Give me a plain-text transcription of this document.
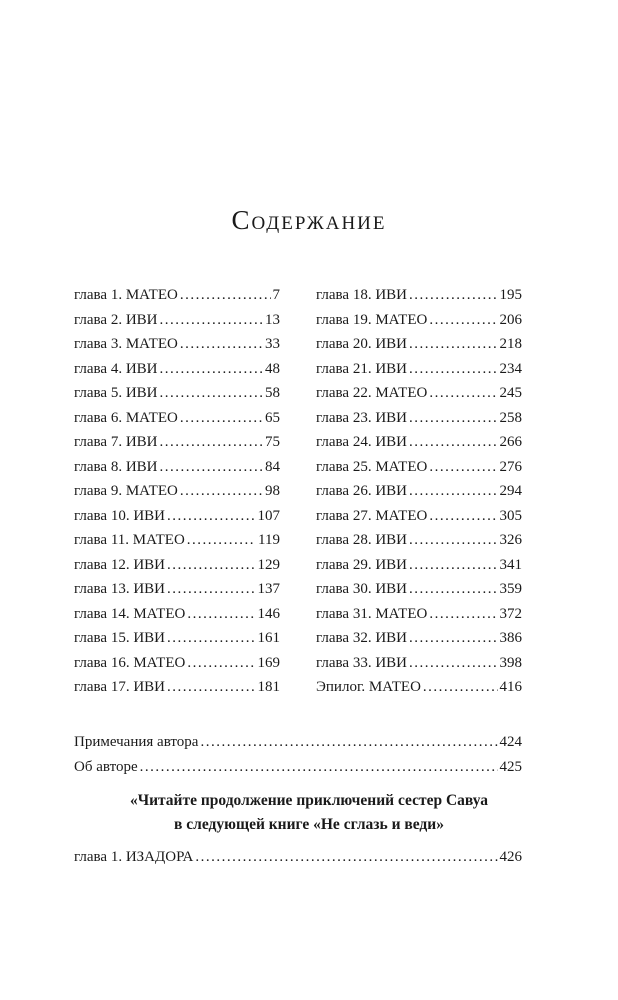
Содержание
глава 1. МАТЕО .....	7
глава 2. ИВИ .....	13
глава 3. МАТЕО .....	33
глава 4. ИВИ .....	48
глава 5. ИВИ .....	58
глава 6. МАТЕО .....	65
глава 7. ИВИ .....	75
глава 8. ИВИ .....	84
глава 9. МАТЕО .....	98
глава 10. ИВИ .....	107
глава 11. МАТЕО .....	119
глава 12. ИВИ .....	129
глава 13. ИВИ .....	137
глава 14. МАТЕО .....	146
глава 15. ИВИ .....	161
глава 16. МАТЕО .....	169
глава 17. ИВИ .....	181
глава 18. ИВИ .....	195
глава 19. МАТЕО .....	206
глава 20. ИВИ .....	218
глава 21. ИВИ .....	234
глава 22. МАТЕО .....	245
глава 23. ИВИ .....	258
глава 24. ИВИ .....	266
глава 25. МАТЕО .....	276
глава 26. ИВИ .....	294
глава 27. МАТЕО .....	305
глава 28. ИВИ .....	326
глава 29. ИВИ .....	341
глава 30. ИВИ .....	359
глава 31. МАТЕО .....	372
глава 32. ИВИ .....	386
глава 33. ИВИ .....	398
Эпилог. МАТЕО .....	416
Примечания автора .....	424
Об авторе .....	425
«Читайте продолжение приключений сестер Савуа
в следующей книге «Не сглазь и веди»
глава 1. ИЗАДОРА .....	426
